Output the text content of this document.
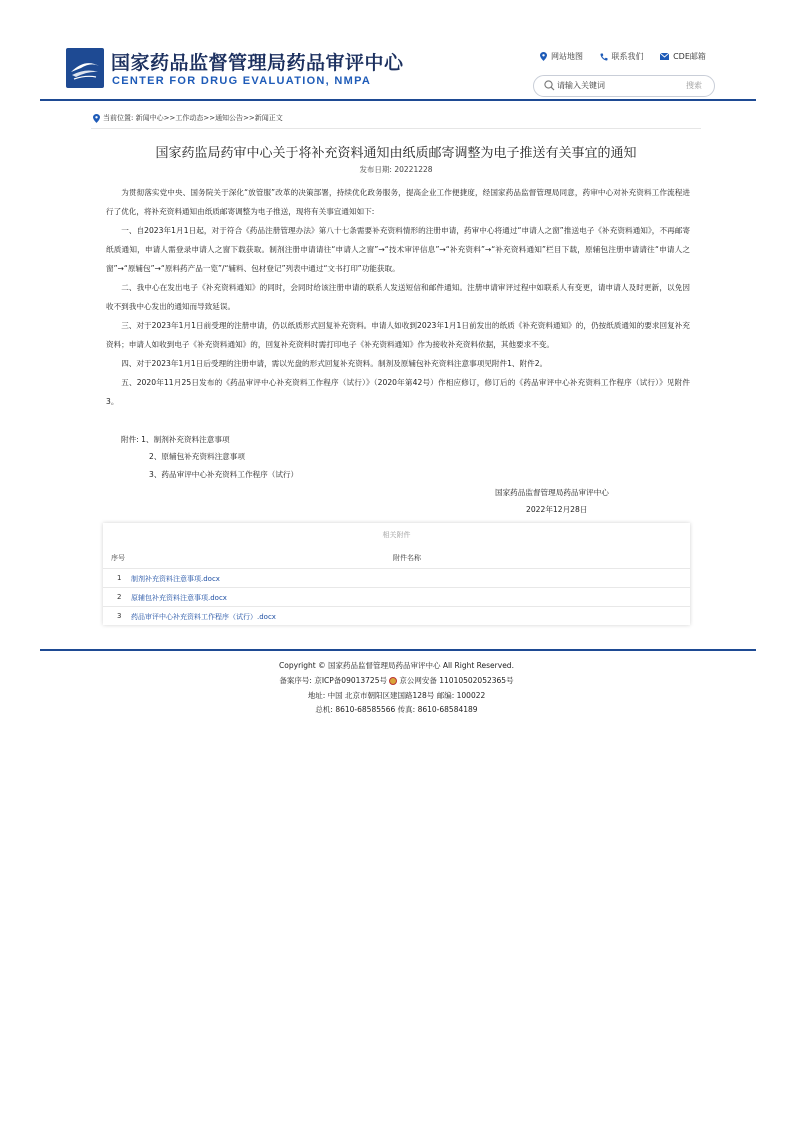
国家药品监督管理局药品审评中心
CENTER FOR DRUG EVALUATION, NMPA
网站地图	联系我们	CDE邮箱
请输入关键词
搜索
当前位置: 新闻中心>>工作动态>>通知公告>>新闻正文
国家药监局药审中心关于将补充资料通知由纸质邮寄调整为电子推送有关事宜的通知
发布日期: 20221228

为贯彻落实党中央、国务院关于深化“放管服”改革的决策部署，持续优化政务服务，提高企业工作便捷度，经国家药品监督管理局同意，药审中心对补充资料工作流程进行了优化，将补充资料通知由纸质邮寄调整为电子推送，现将有关事宜通知如下:

一、自2023年1月1日起，对于符合《药品注册管理办法》第八十七条需要补充资料情形的注册申请，药审中心将通过“申请人之窗”推送电子《补充资料通知》，不再邮寄纸质通知，申请人需登录申请人之窗下载获取。制剂注册申请请往“申请人之窗”→“技术审评信息”→“补充资料”→“补充资料通知”栏目下载，原辅包注册申请请往“申请人之窗”→“原辅包”→“原料药产品一览”/“辅料、包材登记”列表中通过“文书打印”功能获取。

二、我中心在发出电子《补充资料通知》的同时，会同时给该注册申请的联系人发送短信和邮件通知。注册申请审评过程中如联系人有变更，请申请人及时更新，以免因收不到我中心发出的通知而导致延误。

三、对于2023年1月1日前受理的注册申请，仍以纸质形式回复补充资料。申请人如收到2023年1月1日前发出的纸质《补充资料通知》的，仍按纸质通知的要求回复补充资料；申请人如收到电子《补充资料通知》的，回复补充资料时需打印电子《补充资料通知》作为接收补充资料依据，其他要求不变。

四、对于2023年1月1日后受理的注册申请，需以光盘的形式回复补充资料。制剂及原辅包补充资料注意事项见附件1、附件2。

五、2020年11月25日发布的《药品审评中心补充资料工作程序（试行）》（2020年第42号）作相应修订，修订后的《药品审评中心补充资料工作程序（试行）》见附件3。

附件: 1、制剂补充资料注意事项
2、原辅包补充资料注意事项
3、药品审评中心补充资料工作程序（试行）
国家药品监督管理局药品审评中心
2022年12月28日
相关附件
序号	附件名称
1 制剂补充资料注意事项.docx
2 原辅包补充资料注意事项.docx
3 药品审评中心补充资料工作程序（试行）.docx
Copyright © 国家药品监督管理局药品审评中心 All Right Reserved.
备案序号: 京ICP备09013725号 京公网安备 11010502052365号
地址: 中国 北京市朝阳区建国路128号 邮编: 100022
总机: 8610-68585566 传真: 8610-68584189
